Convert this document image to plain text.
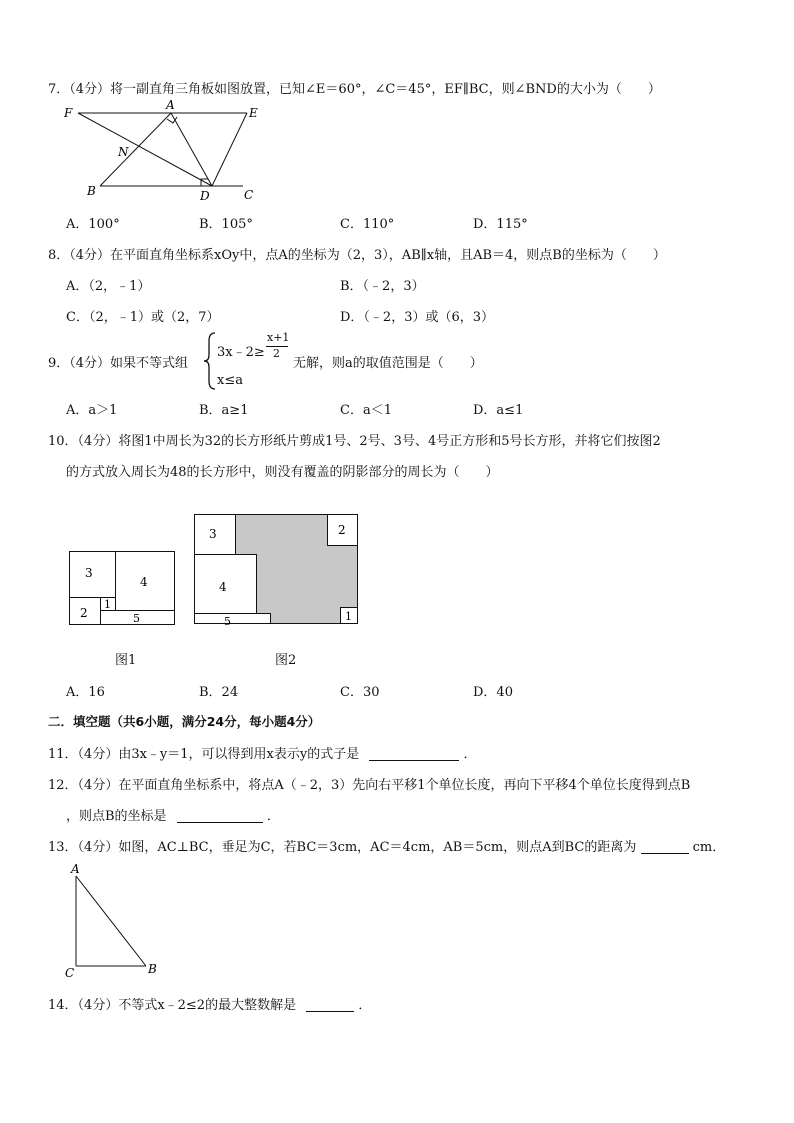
7．（4分）将一副直角三角板如图放置，已知∠E＝60°，∠C＝45°，EF∥BC，则∠BND的大小为（　　）
F
A
E
N
B	D	C
A．100°	B．105°	C．110°	D．115°
8．（4分）在平面直角坐标系xOy中，点A的坐标为（2，3），AB∥x轴，且AB＝4，则点B的坐标为（　　）
A．（2，﹣1）	B．（﹣2，3）
C．（2，﹣1）或（2，7）	D．（﹣2，3）或（6，3）
9．（4分）如果不等式组
3x﹣2≥
x+1
2
x≤a
无解，则a的取值范围是（　　）
A．a＞1	B．a≥1	C．a＜1	D．a≤1
10．（4分）将图1中周长为32的长方形纸片剪成1号、2号、3号、4号正方形和5号长方形，并将它们按图2
的方式放入周长为48的长方形中，则没有覆盖的阴影部分的周长为（　　）
3
4
2
1
5
图1
3	2
4
5	1
图2
A．16	B．24	C．30	D．40
二．填空题（共6小题，满分24分，每小题4分）
11．（4分）由3x﹣y＝1，可以得到用x表示y的式子是	．
12．（4分）在平面直角坐标系中，将点A（﹣2，3）先向右平移1个单位长度，再向下平移4个单位长度得到点B
，则点B的坐标是	．
13．（4分）如图，AC⊥BC，垂足为C，若BC＝3cm，AC＝4cm，AB＝5cm，则点A到BC的距离为	cm．
A
C	B
14．（4分）不等式x﹣2≤2的最大整数解是	．
